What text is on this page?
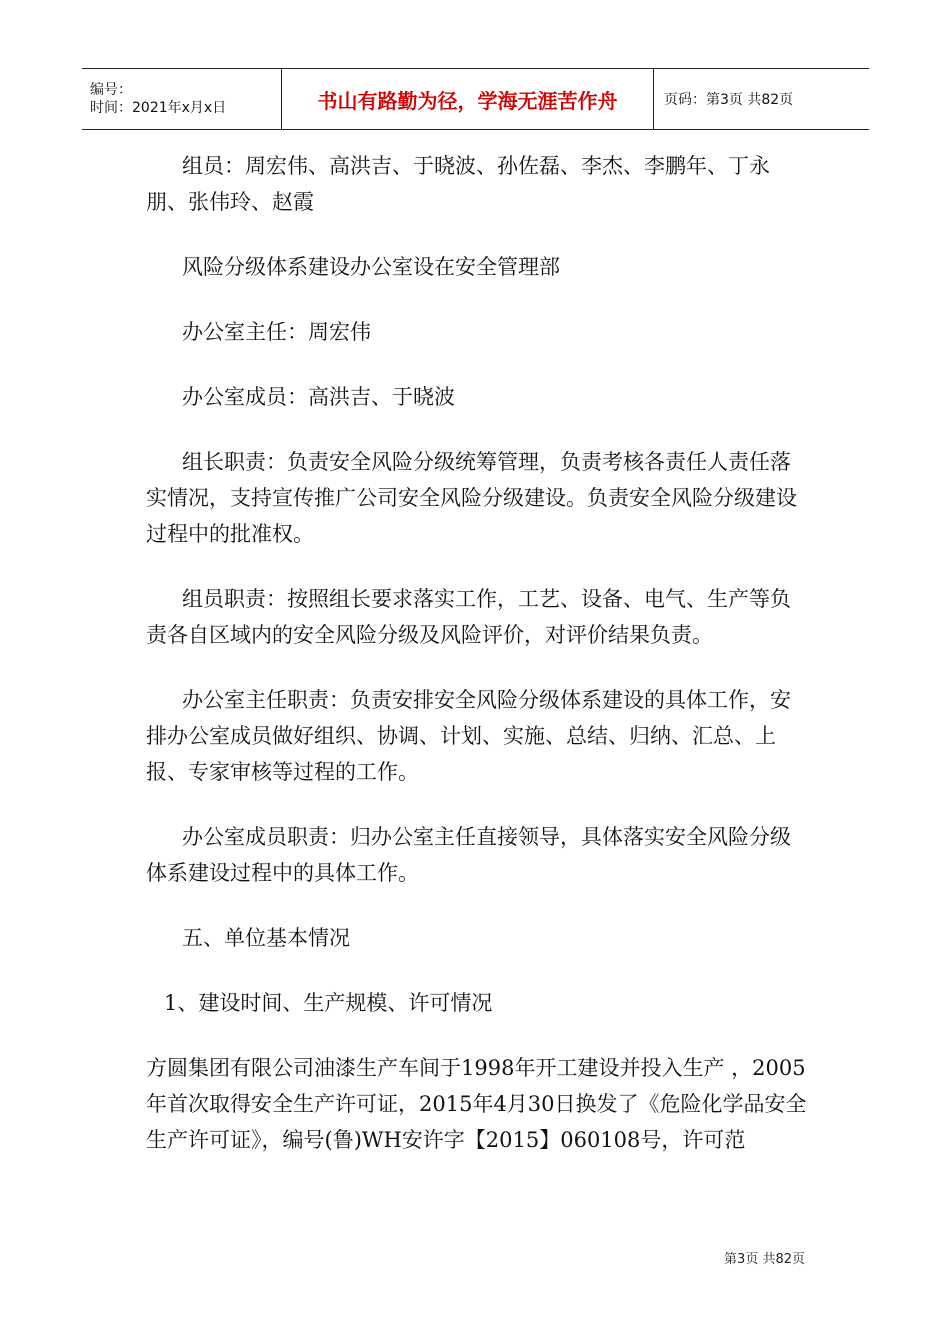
编号：
时间：2021年x月x日	书山有路勤为径，学海无涯苦作舟	页码：第3页 共82页

组员：周宏伟、高洪吉、于晓波、孙佐磊、李杰、李鹏年、丁永朋、张伟玲、赵霞

风险分级体系建设办公室设在安全管理部

办公室主任：周宏伟

办公室成员：高洪吉、于晓波

组长职责：负责安全风险分级统筹管理，负责考核各责任人责任落实情况，支持宣传推广公司安全风险分级建设。负责安全风险分级建设过程中的批准权。

组员职责：按照组长要求落实工作，工艺、设备、电气、生产等负责各自区域内的安全风险分级及风险评价，对评价结果负责。

办公室主任职责：负责安排安全风险分级体系建设的具体工作，安排办公室成员做好组织、协调、计划、实施、总结、归纳、汇总、上报、专家审核等过程的工作。

办公室成员职责：归办公室主任直接领导，具体落实安全风险分级体系建设过程中的具体工作。

五、单位基本情况

1、建设时间、生产规模、许可情况

方圆集团有限公司油漆生产车间于1998年开工建设并投入生产 ，2005年首次取得安全生产许可证，2015年4月30日换发了《危险化学品安全生产许可证》，编号(鲁)WH安许字【2015】060108号，许可范

第3页 共82页
